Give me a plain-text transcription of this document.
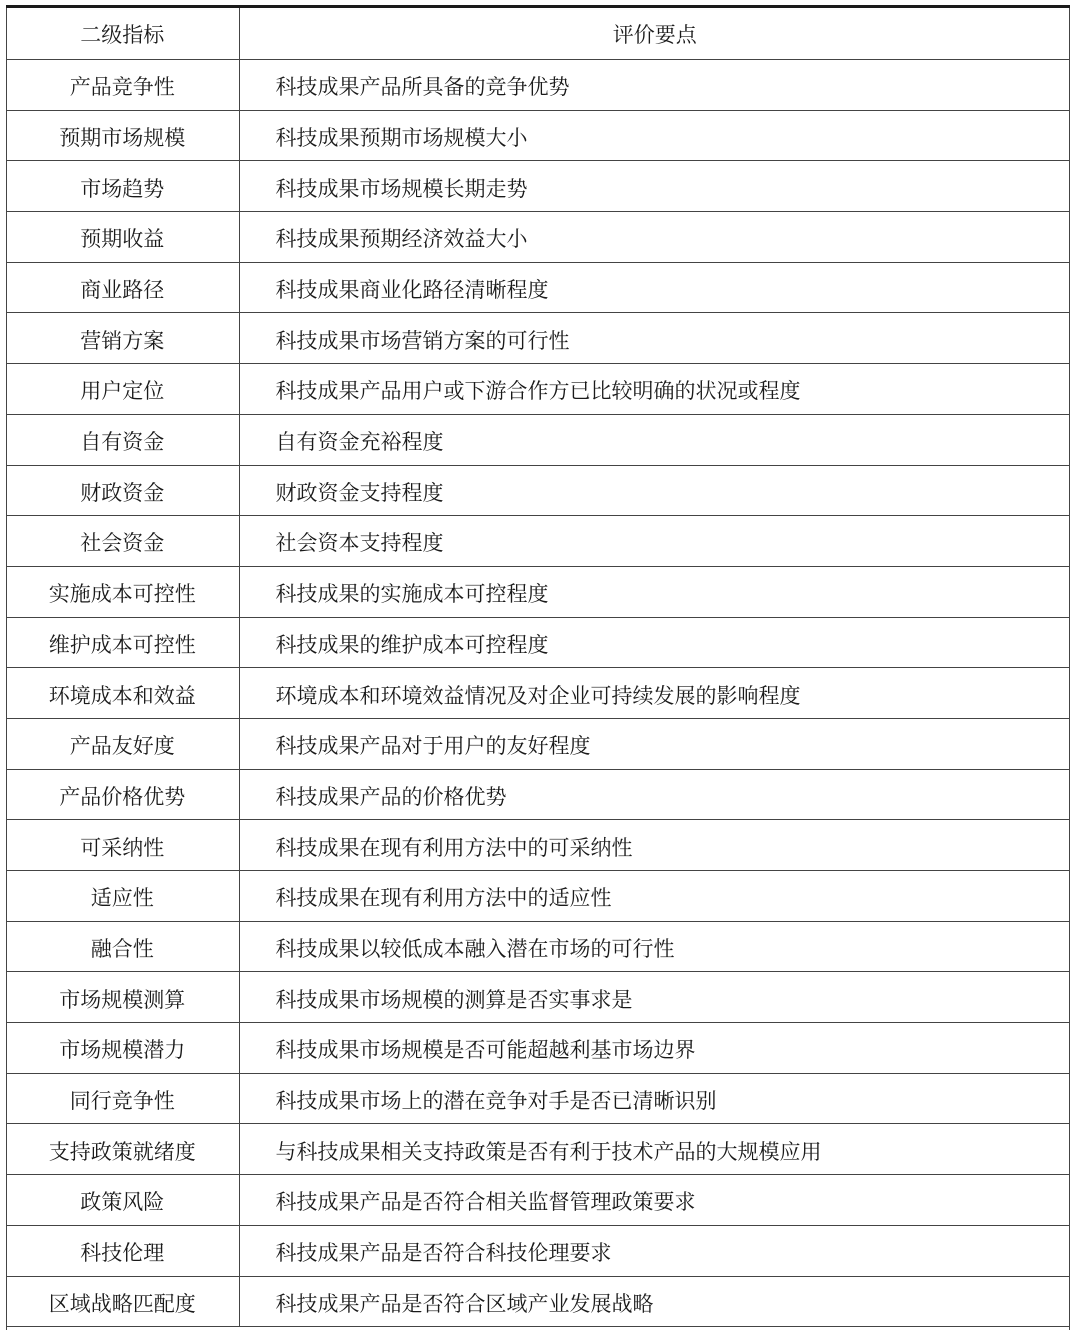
二级指标	评价要点
产品竞争性	科技成果产品所具备的竞争优势
预期市场规模	科技成果预期市场规模大小
市场趋势	科技成果市场规模长期走势
预期收益	科技成果预期经济效益大小
商业路径	科技成果商业化路径清晰程度
营销方案	科技成果市场营销方案的可行性
用户定位	科技成果产品用户或下游合作方已比较明确的状况或程度
自有资金	自有资金充裕程度
财政资金	财政资金支持程度
社会资金	社会资本支持程度
实施成本可控性	科技成果的实施成本可控程度
维护成本可控性	科技成果的维护成本可控程度
环境成本和效益	环境成本和环境效益情况及对企业可持续发展的影响程度
产品友好度	科技成果产品对于用户的友好程度
产品价格优势	科技成果产品的价格优势
可采纳性	科技成果在现有利用方法中的可采纳性
适应性	科技成果在现有利用方法中的适应性
融合性	科技成果以较低成本融入潜在市场的可行性
市场规模测算	科技成果市场规模的测算是否实事求是
市场规模潜力	科技成果市场规模是否可能超越利基市场边界
同行竞争性	科技成果市场上的潜在竞争对手是否已清晰识别
支持政策就绪度	与科技成果相关支持政策是否有利于技术产品的大规模应用
政策风险	科技成果产品是否符合相关监督管理政策要求
科技伦理	科技成果产品是否符合科技伦理要求
区域战略匹配度	科技成果产品是否符合区域产业发展战略
